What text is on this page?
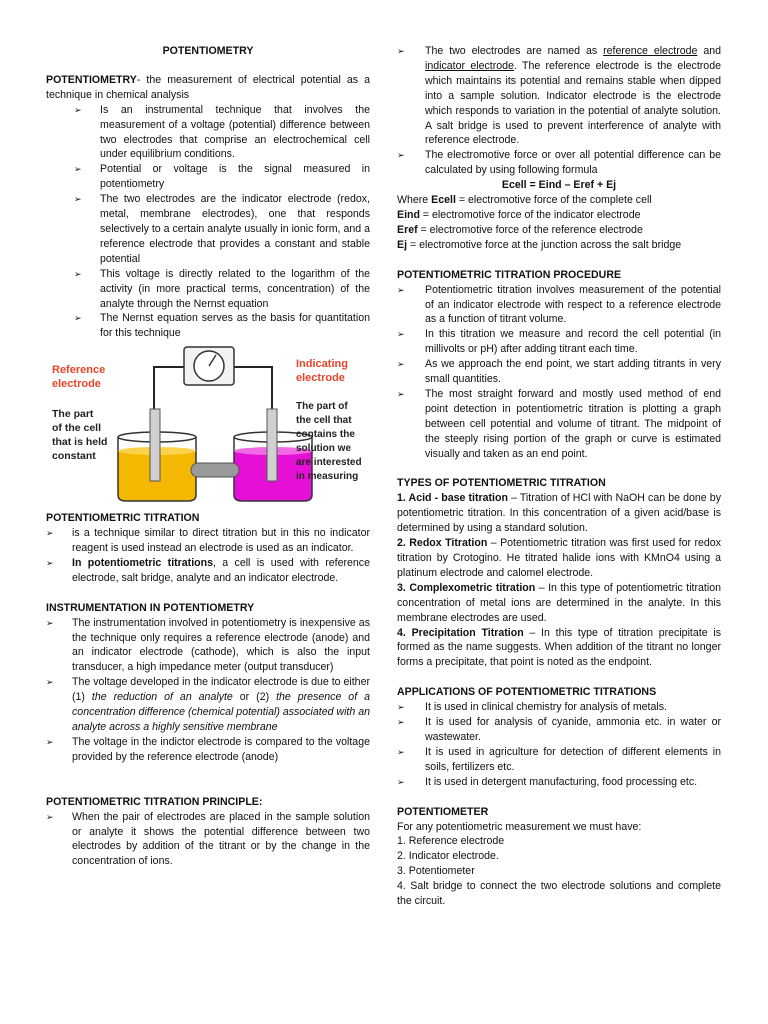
POTENTIOMETRY

POTENTIOMETRY- the measurement of electrical potential as a technique in chemical analysis

➢	Is an instrumental technique that involves the measurement of a voltage (potential) difference between two electrodes that comprise an electrochemical cell under equilibrium conditions.
➢	Potential or voltage is the signal measured in potentiometry
➢	The two electrodes are the indicator electrode (redox, metal, membrane electrodes), one that responds selectively to a certain analyte usually in ionic form, and a reference electrode that provides a constant and stable potential
➢	This voltage is directly related to the logarithm of the activity (in more practical terms, concentration) of the analyte through the Nernst equation
➢	The Nernst equation serves as the basis for quantitation for this technique
Reference
electrode
The part
of the cell
that is held
constant
Indicating
electrode
The part of
the cell that
contains the
solution we
are interested
in measuring

POTENTIOMETRIC TITRATION

➢	is a technique similar to direct titration but in this no indicator reagent is used instead an electrode is used as an indicator.
➢	In potentiometric titrations, a cell is used with reference electrode, salt bridge, analyte and an indicator electrode.

INSTRUMENTATION IN POTENTIOMETRY

➢	The instrumentation involved in potentiometry is inexpensive as the technique only requires a reference electrode (anode) and an indicator electrode (cathode), which is also the input transducer, a high impedance meter (output transducer)
➢	The voltage developed in the indicator electrode is due to either (1) the reduction of an analyte or (2) the presence of a concentration difference (chemical potential) associated with an analyte across a highly sensitive membrane
➢	The voltage in the indictor electrode is compared to the voltage provided by the reference electrode (anode)

POTENTIOMETRIC TITRATION PRINCIPLE:

➢	When the pair of electrodes are placed in the sample solution or analyte it shows the potential difference between two electrodes by addition of the titrant or by the change in the concentration of ions.
➢	The two electrodes are named as reference electrode and indicator electrode. The reference electrode is the electrode which maintains its potential and remains stable when dipped into a sample solution. Indicator electrode is the electrode which responds to variation in the potential of analyte solution. A salt bridge is used to prevent interference of analyte with reference electrode.
➢	The electromotive force or over all potential difference can be calculated by using following formula

Ecell = Eind – Eref + Ej

Where Ecell = electromotive force of the complete cell

Eind = electromotive force of the indicator electrode

Eref = electromotive force of the reference electrode

Ej = electromotive force at the junction across the salt bridge

POTENTIOMETRIC TITRATION PROCEDURE

➢	Potentiometric titration involves measurement of the potential of an indicator electrode with respect to a reference electrode as a function of titrant volume.
➢	In this titration we measure and record the cell potential (in millivolts or pH) after adding titrant each time.
➢	As we approach the end point, we start adding titrants in very small quantities.
➢	The most straight forward and mostly used method of end point detection in potentiometric titration is plotting a graph between cell potential and volume of titrant. The midpoint of the steeply rising portion of the graph or curve is estimated visually and taken as an end point.

TYPES OF POTENTIOMETRIC TITRATION

1. Acid - base titration – Titration of HCl with NaOH can be done by potentiometric titration. In this concentration of a given acid/base is determined by using a standard solution.

2. Redox Titration – Potentiometric titration was first used for redox titration by Crotogino. He titrated halide ions with KMnO4 using a platinum electrode and calomel electrode.

3. Complexometric titration – In this type of potentiometric titration concentration of metal ions are determined in the analyte. In this membrane electrodes are used.

4. Precipitation Titration – In this type of titration precipitate is formed as the name suggests. When addition of the titrant no longer forms a precipitate, that point is noted as the endpoint.

APPLICATIONS OF POTENTIOMETRIC TITRATIONS

➢	It is used in clinical chemistry for analysis of metals.
➢	It is used for analysis of cyanide, ammonia etc. in water or wastewater.
➢	It is used in agriculture for detection of different elements in soils, fertilizers etc.
➢	It is used in detergent manufacturing, food processing etc.

POTENTIOMETER

For any potentiometric measurement we must have:

1. Reference electrode

2. Indicator electrode.

3. Potentiometer

4. Salt bridge to connect the two electrode solutions and complete the circuit.
